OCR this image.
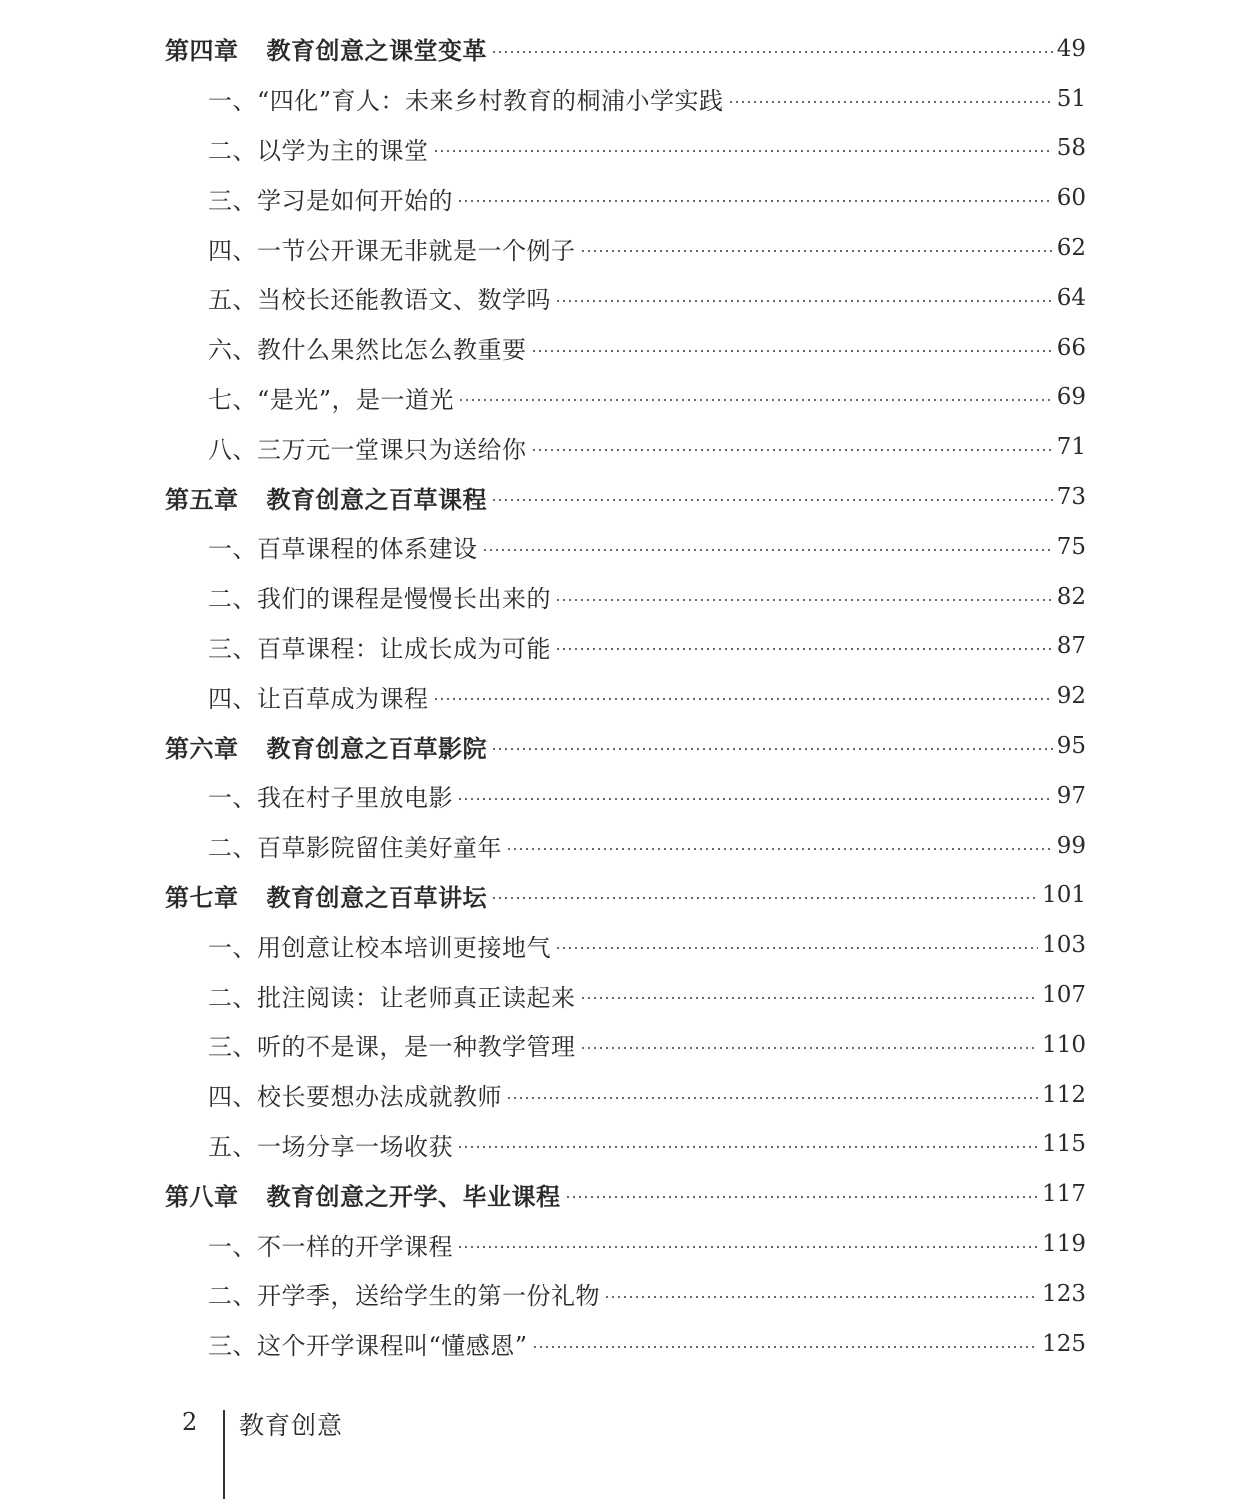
第四章 教育创意之课堂变革	49
一、“四化”育人：未来乡村教育的桐浦小学实践	51
二、以学为主的课堂	58
三、学习是如何开始的	60
四、一节公开课无非就是一个例子	62
五、当校长还能教语文、数学吗	64
六、教什么果然比怎么教重要	66
七、“是光”，是一道光	69
八、三万元一堂课只为送给你	71
第五章 教育创意之百草课程	73
一、百草课程的体系建设	75
二、我们的课程是慢慢长出来的	82
三、百草课程：让成长成为可能	87
四、让百草成为课程	92
第六章 教育创意之百草影院	95
一、我在村子里放电影	97
二、百草影院留住美好童年	99
第七章 教育创意之百草讲坛	101
一、用创意让校本培训更接地气	103
二、批注阅读：让老师真正读起来	107
三、听的不是课，是一种教学管理	110
四、校长要想办法成就教师	112
五、一场分享一场收获	115
第八章 教育创意之开学、毕业课程	117
一、不一样的开学课程	119
二、开学季，送给学生的第一份礼物	123
三、这个开学课程叫“懂感恩”	125
2 教育创意
